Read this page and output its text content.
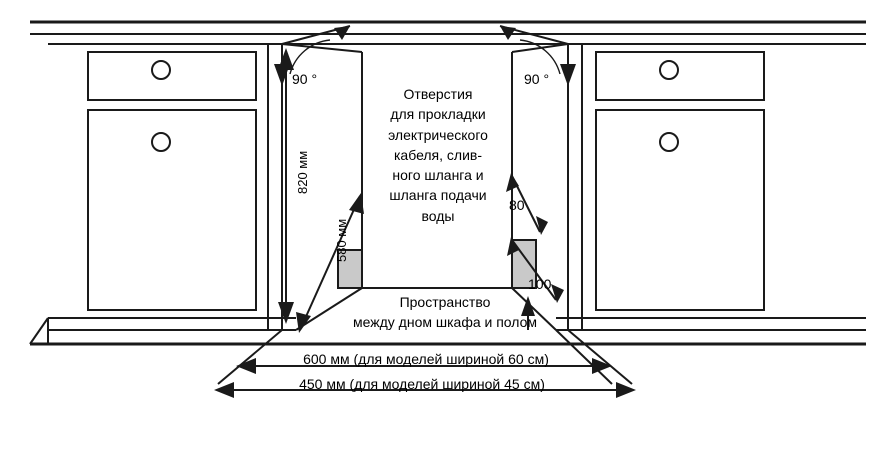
90 °	90 °
820 мм
580 мм
Отверстия
для прокладки
электрического
кабеля, слив-
ного шланга и
шланга подачи
воды
80
100
Пространство
между дном шкафа и полом
600 мм (для моделей шириной 60 см)
450 мм (для моделей шириной 45 см)
